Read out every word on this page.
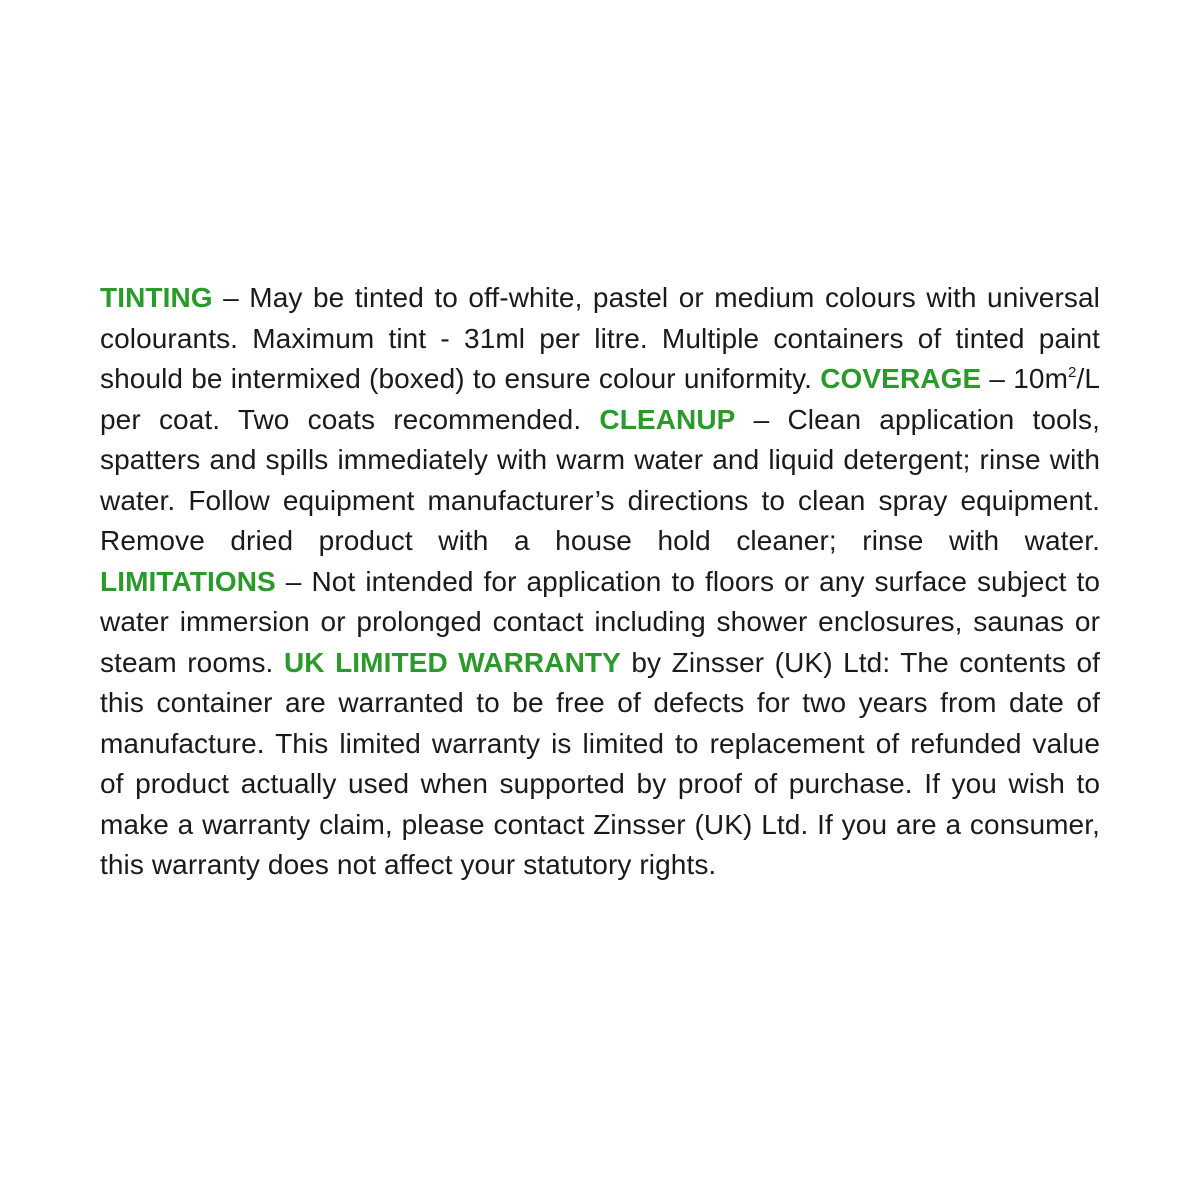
TINTING – May be tinted to off-white, pastel or medium colours with universal colourants. Maximum tint - 31ml per litre. Multiple containers of tinted paint should be intermixed (boxed) to ensure colour uniformity. COVERAGE – $10m^2/L$ per coat. Two coats recommended. CLEANUP – Clean application tools, spatters and spills immediately with warm water and liquid detergent; rinse with water. Follow equipment manufacturer’s directions to clean spray equipment. Remove dried product with a house hold cleaner; rinse with water. LIMITATIONS – Not intended for application to floors or any surface subject to water immersion or prolonged contact including shower enclosures, saunas or steam rooms. UK LIMITED WARRANTY by Zinsser (UK) Ltd: The contents of this container are warranted to be free of defects for two years from date of manufacture. This limited warranty is limited to replacement of refunded value of product actually used when supported by proof of purchase. If you wish to make a warranty claim, please contact Zinsser (UK) Ltd. If you are a consumer, this warranty does not affect your statutory rights.
